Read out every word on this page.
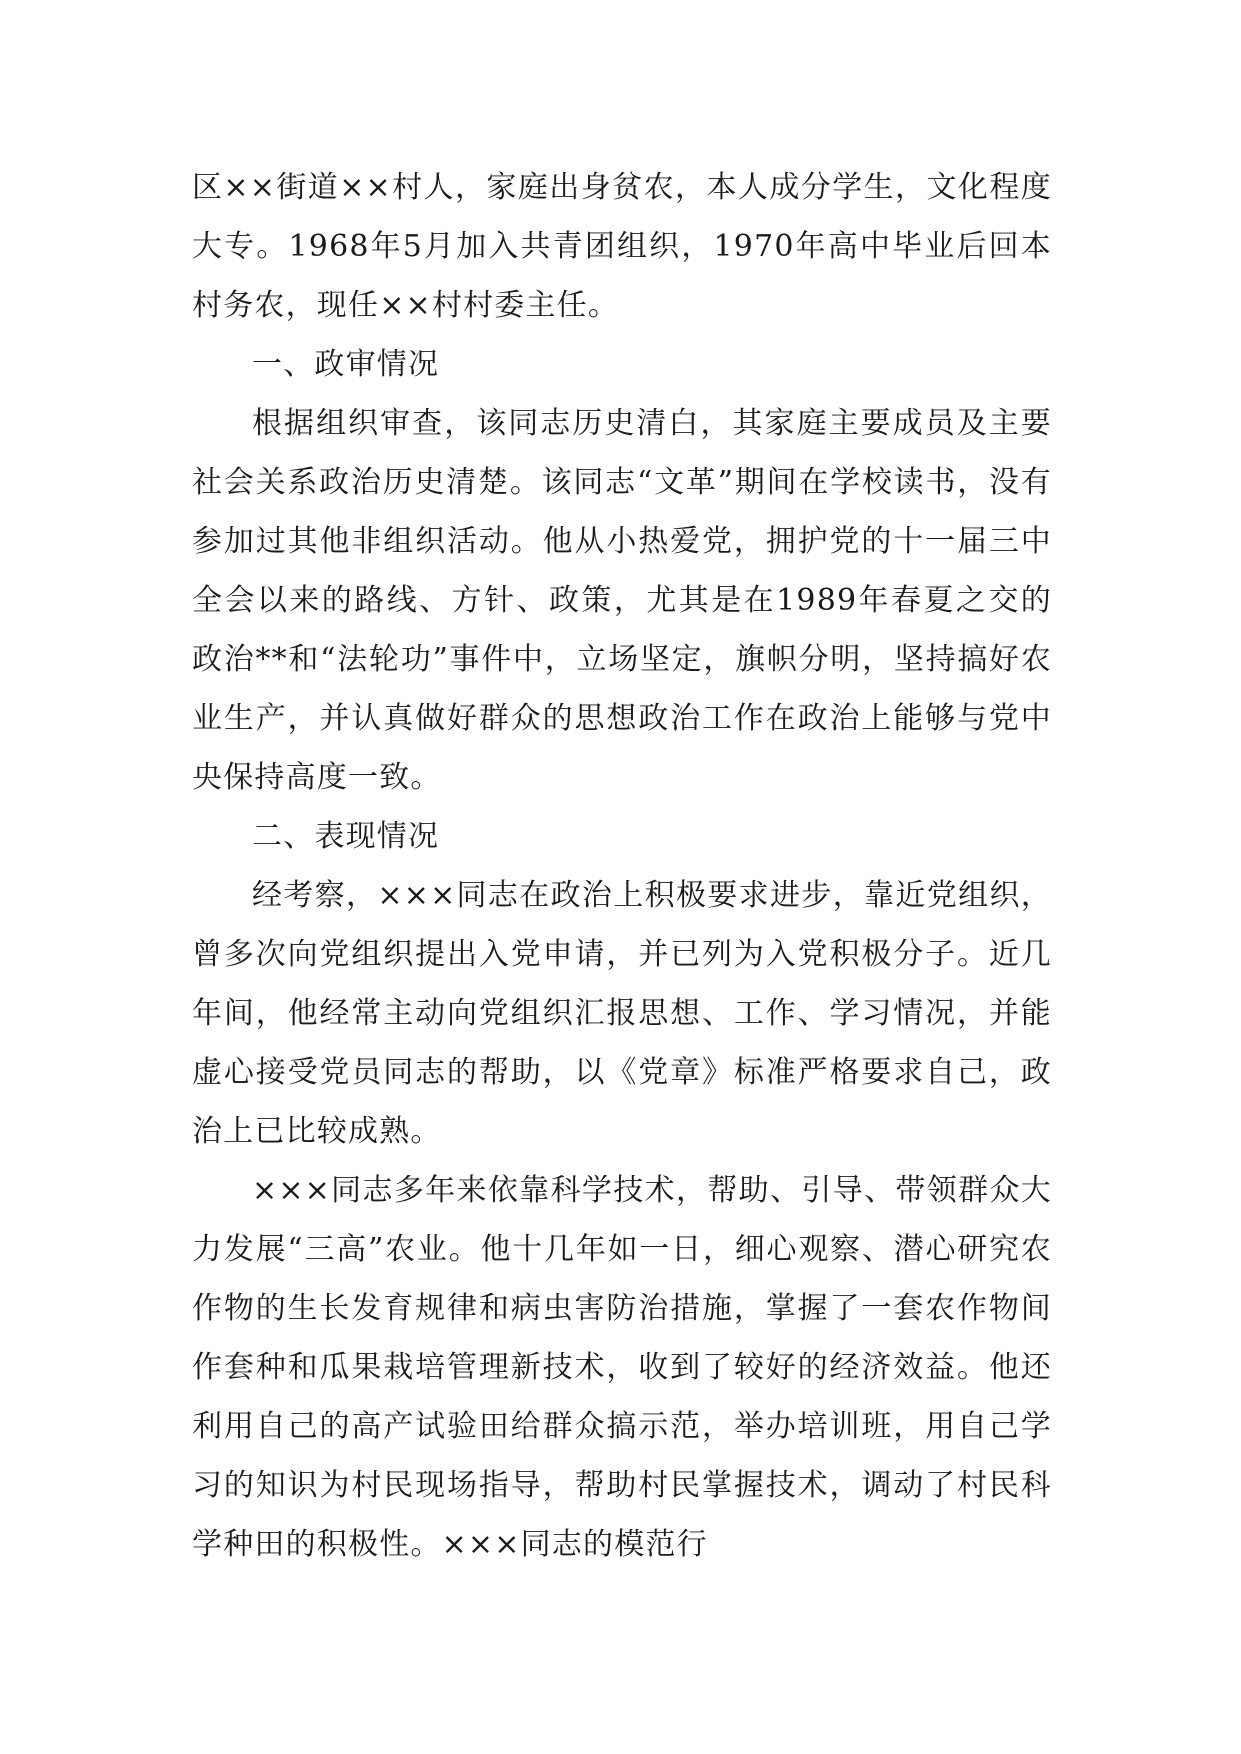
区××街道××村人，家庭出身贫农，本人成分学生，文化程度大专。1968年5月加入共青团组织，1970年高中毕业后回本村务农，现任××村村委主任。

一、政审情况

根据组织审查，该同志历史清白，其家庭主要成员及主要社会关系政治历史清楚。该同志“文革”期间在学校读书，没有参加过其他非组织活动。他从小热爱党，拥护党的十一届三中全会以来的路线、方针、政策，尤其是在1989年春夏之交的政治**和“法轮功”事件中，立场坚定，旗帜分明，坚持搞好农业生产，并认真做好群众的思想政治工作在政治上能够与党中央保持高度一致。

二、表现情况

经考察，×××同志在政治上积极要求进步，靠近党组织，曾多次向党组织提出入党申请，并已列为入党积极分子。近几年间，他经常主动向党组织汇报思想、工作、学习情况，并能虚心接受党员同志的帮助，以《党章》标准严格要求自己，政治上已比较成熟。

×××同志多年来依靠科学技术，帮助、引导、带领群众大力发展“三高”农业。他十几年如一日，细心观察、潜心研究农作物的生长发育规律和病虫害防治措施，掌握了一套农作物间作套种和瓜果栽培管理新技术，收到了较好的经济效益。他还利用自己的高产试验田给群众搞示范，举办培训班，用自己学习的知识为村民现场指导，帮助村民掌握技术，调动了村民科学种田的积极性。×××同志的模范行
